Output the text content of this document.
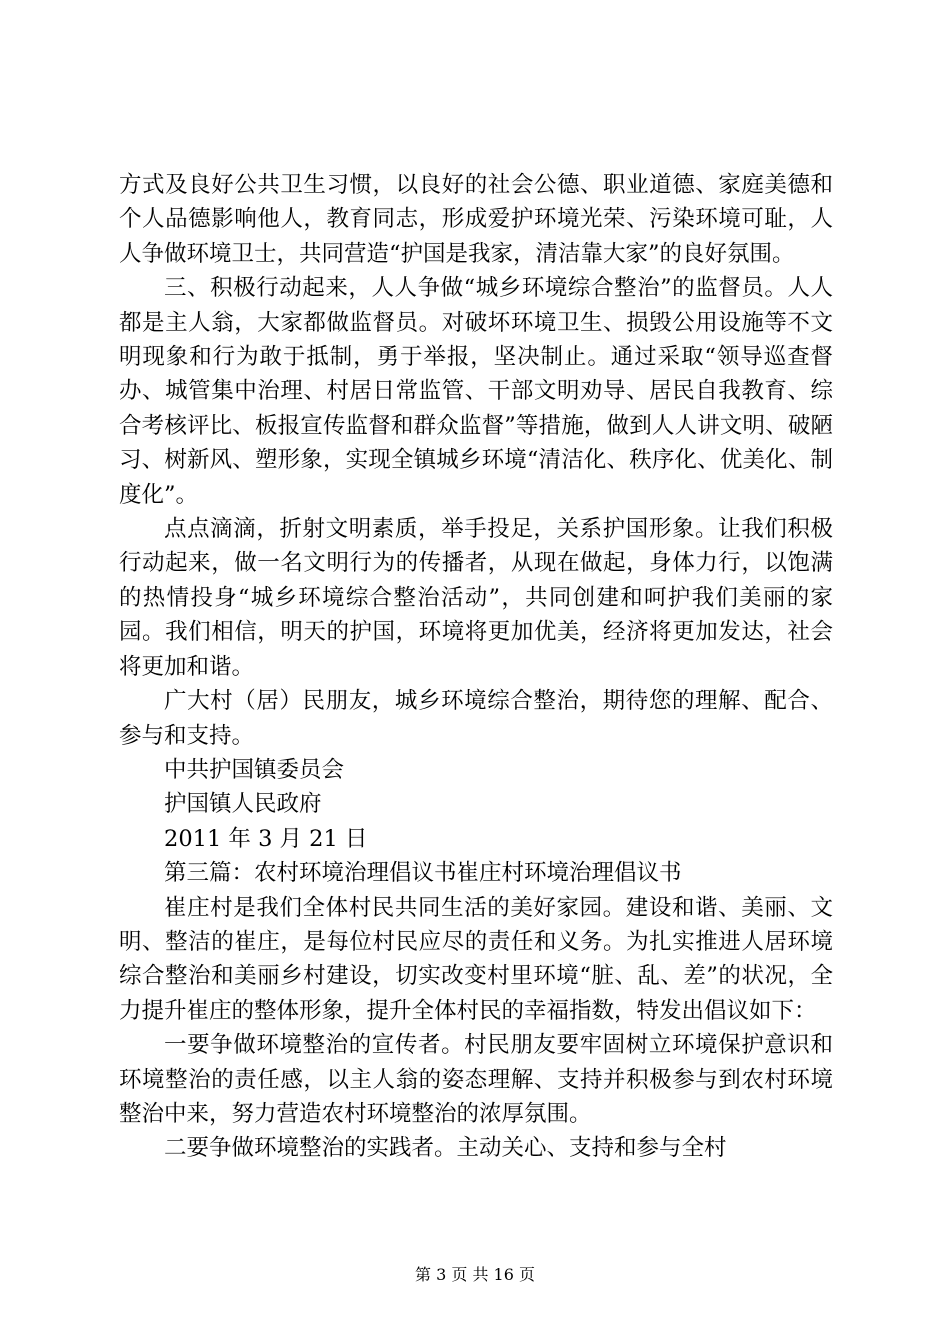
方式及良好公共卫生习惯，以良好的社会公德、职业道德、家庭美德和个人品德影响他人，教育同志，形成爱护环境光荣、污染环境可耻，人人争做环境卫士，共同营造“护国是我家，清洁靠大家”的良好氛围。

三、积极行动起来，人人争做“城乡环境综合整治”的监督员。人人都是主人翁，大家都做监督员。对破坏环境卫生、损毁公用设施等不文明现象和行为敢于抵制，勇于举报，坚决制止。通过采取“领导巡查督办、城管集中治理、村居日常监管、干部文明劝导、居民自我教育、综合考核评比、板报宣传监督和群众监督”等措施，做到人人讲文明、破陋习、树新风、塑形象，实现全镇城乡环境“清洁化、秩序化、优美化、制度化”。

点点滴滴，折射文明素质，举手投足，关系护国形象。让我们积极行动起来，做一名文明行为的传播者，从现在做起，身体力行，以饱满的热情投身“城乡环境综合整治活动”，共同创建和呵护我们美丽的家园。我们相信，明天的护国，环境将更加优美，经济将更加发达，社会将更加和谐。

广大村（居）民朋友，城乡环境综合整治，期待您的理解、配合、参与和支持。

中共护国镇委员会

护国镇人民政府

2011 年 3 月 21 日

第三篇：农村环境治理倡议书崔庄村环境治理倡议书

崔庄村是我们全体村民共同生活的美好家园。建设和谐、美丽、文明、整洁的崔庄，是每位村民应尽的责任和义务。为扎实推进人居环境综合整治和美丽乡村建设，切实改变村里环境“脏、乱、差”的状况，全力提升崔庄的整体形象，提升全体村民的幸福指数，特发出倡议如下：

一要争做环境整治的宣传者。村民朋友要牢固树立环境保护意识和环境整治的责任感，以主人翁的姿态理解、支持并积极参与到农村环境整治中来，努力营造农村环境整治的浓厚氛围。

二要争做环境整治的实践者。主动关心、支持和参与全村

第 3 页 共 16 页
